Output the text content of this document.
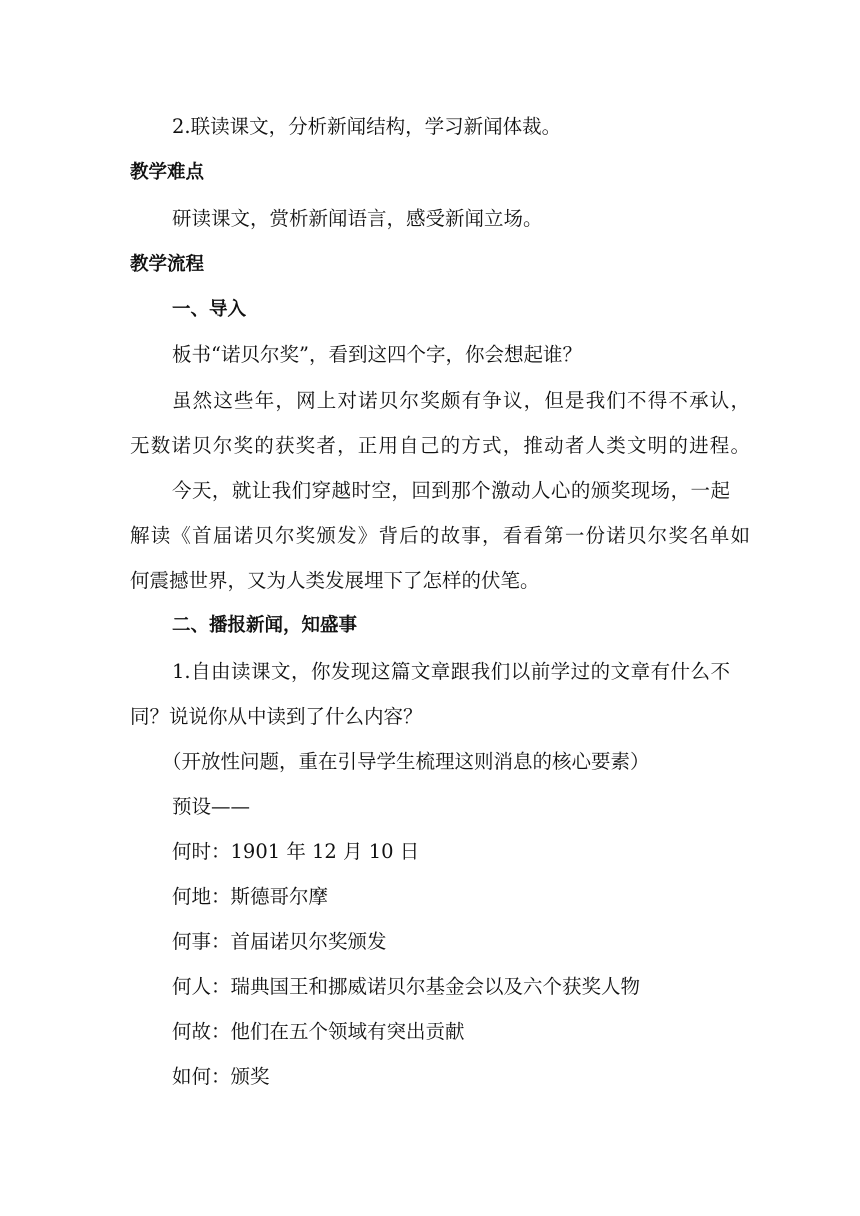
2.联读课文，分析新闻结构，学习新闻体裁。
教学难点
研读课文，赏析新闻语言，感受新闻立场。
教学流程
一、导入
板书“诺贝尔奖”，看到这四个字，你会想起谁？
虽然这些年，网上对诺贝尔奖颇有争议，但是我们不得不承认，
无数诺贝尔奖的获奖者，正用自己的方式，推动者人类文明的进程。
今天，就让我们穿越时空，回到那个激动人心的颁奖现场，一起
解读《首届诺贝尔奖颁发》背后的故事，看看第一份诺贝尔奖名单如
何震撼世界，又为人类发展埋下了怎样的伏笔。
二、播报新闻，知盛事
1.自由读课文，你发现这篇文章跟我们以前学过的文章有什么不
同？说说你从中读到了什么内容？
（开放性问题，重在引导学生梳理这则消息的核心要素）
预设——
何时：1901 年 12 月 10 日
何地：斯德哥尔摩
何事：首届诺贝尔奖颁发
何人：瑞典国王和挪威诺贝尔基金会以及六个获奖人物
何故：他们在五个领域有突出贡献
如何：颁奖
